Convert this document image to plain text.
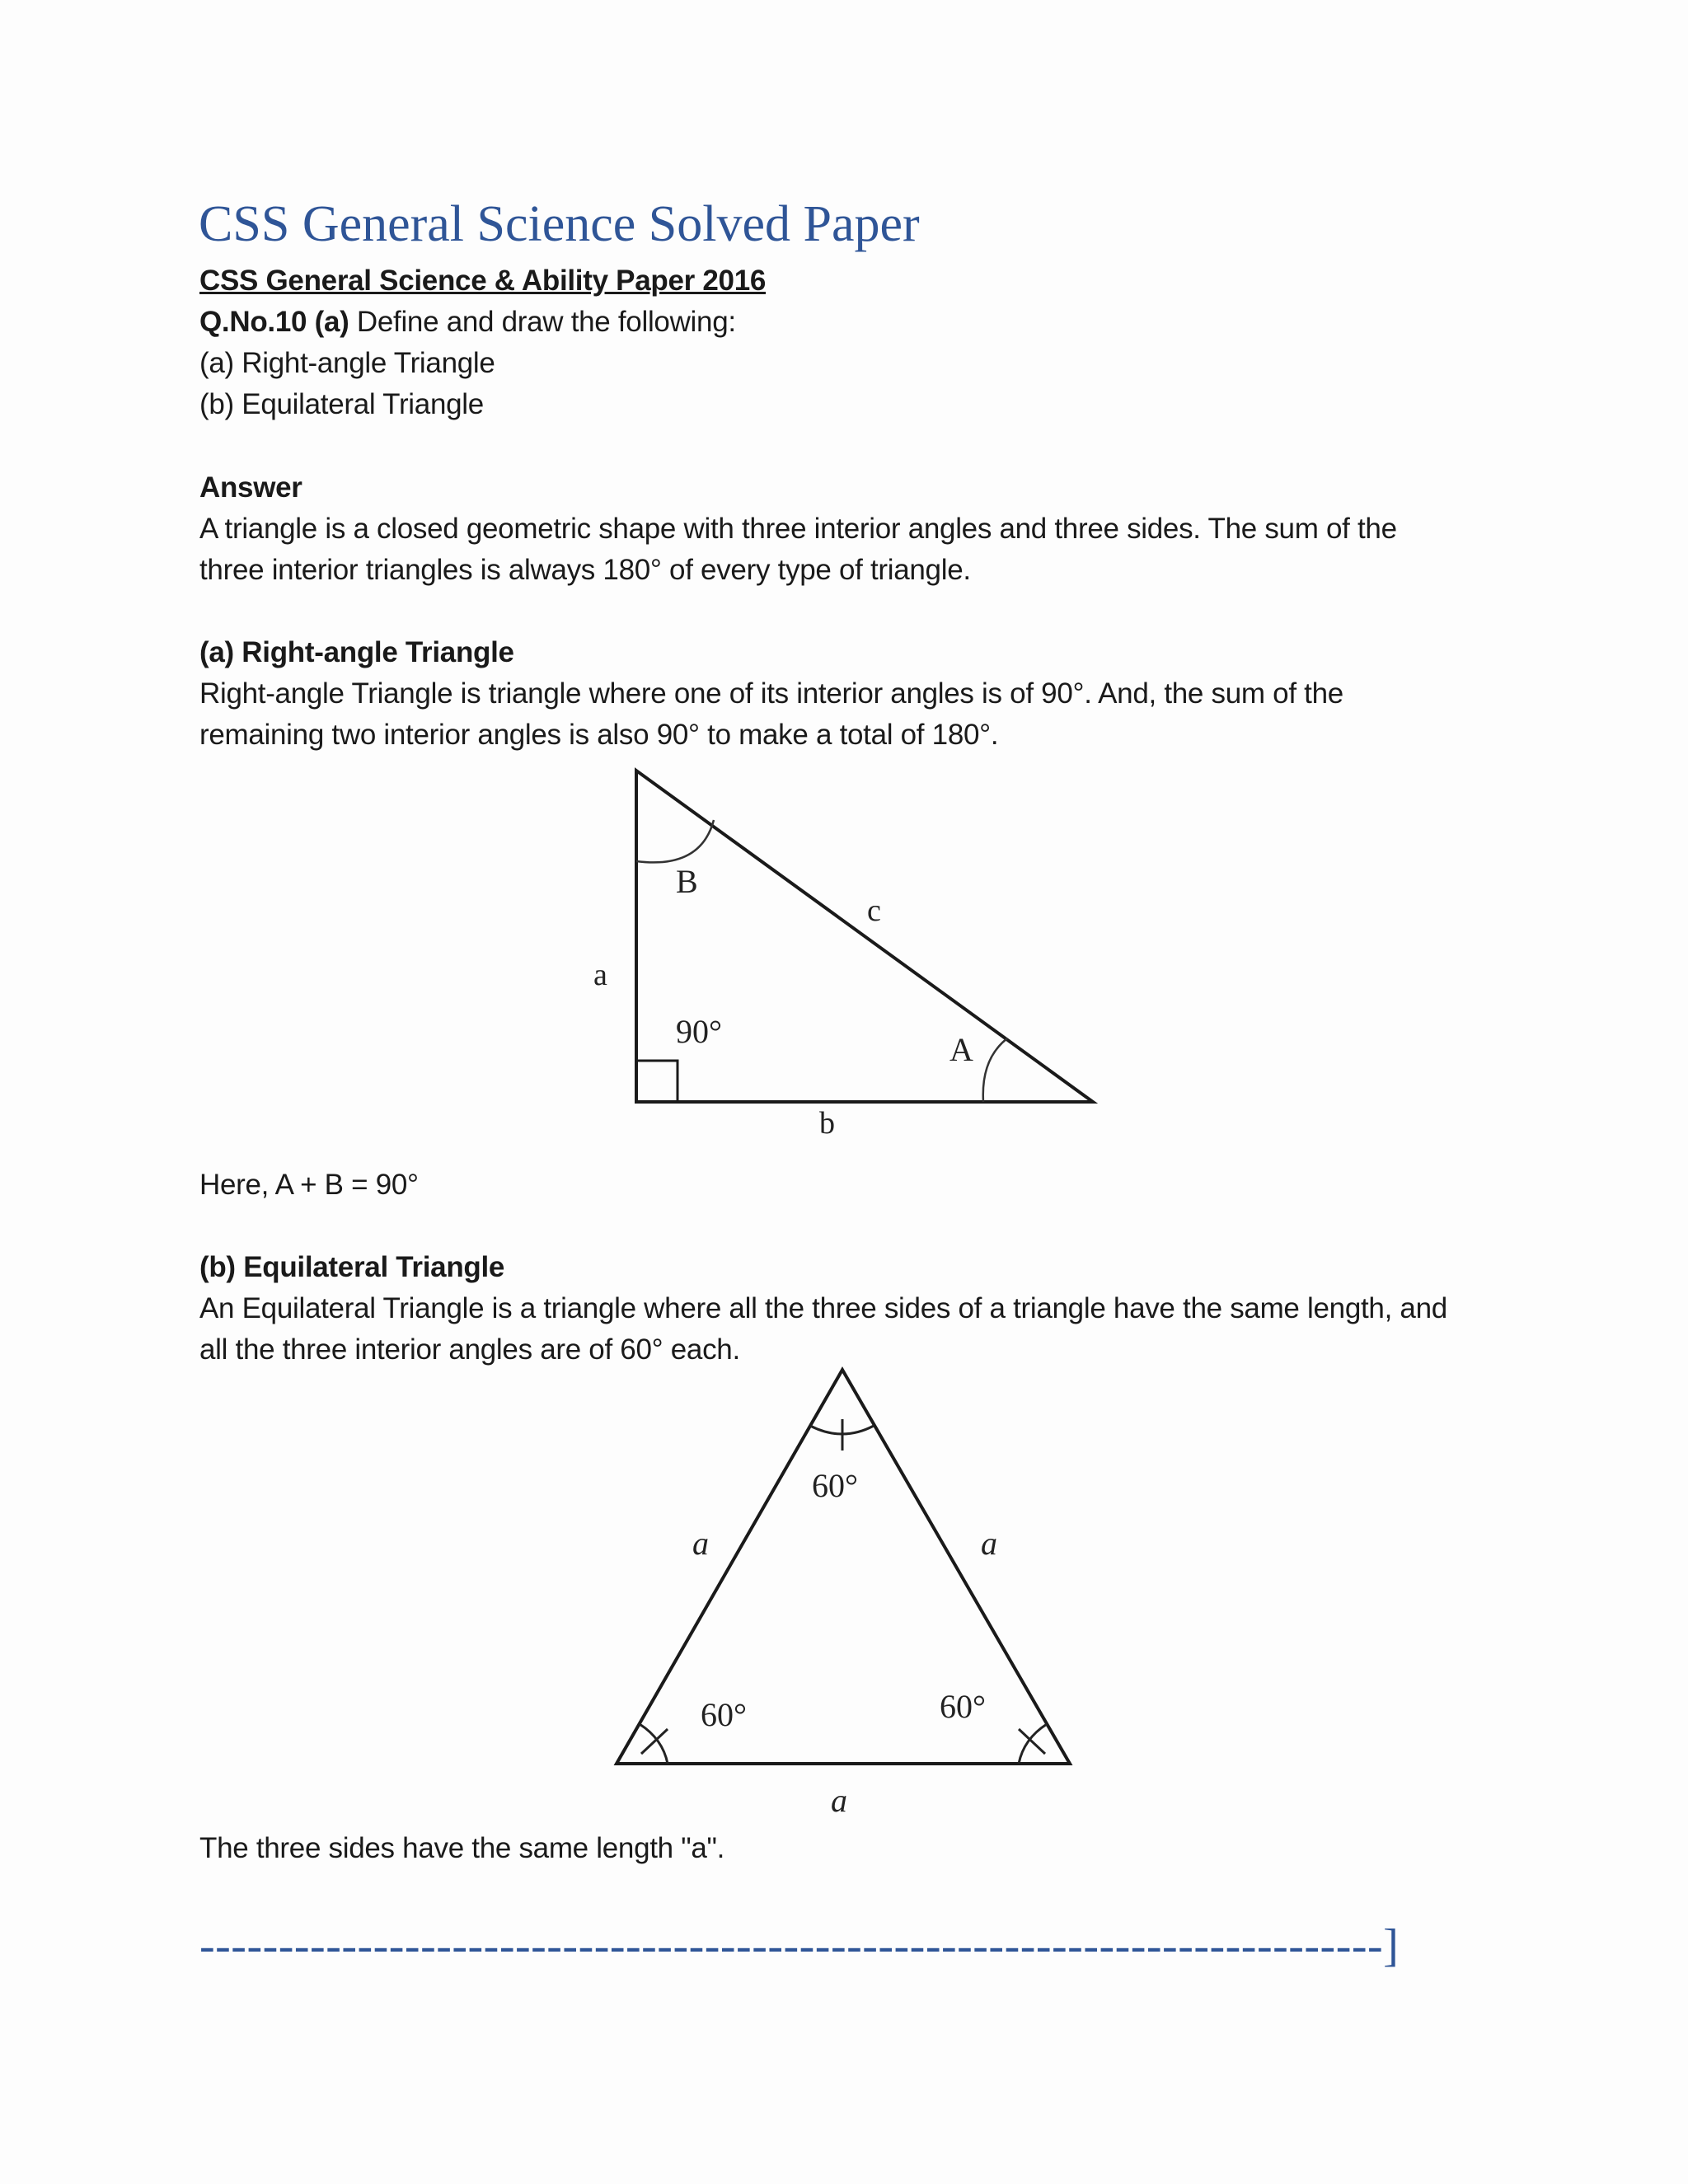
CSS General Science Solved Paper

CSS General Science & Ability Paper 2016

Q.No.10 (a) Define and draw the following:

(a) Right-angle Triangle

(b) Equilateral Triangle

Answer

A triangle is a closed geometric shape with three interior angles and three sides. The sum of the

three interior triangles is always 180° of every type of triangle.

(a) Right-angle Triangle

Right-angle Triangle is triangle where one of its interior angles is of 90°. And, the sum of the

remaining two interior angles is also 90° to make a total of 180°.

a
b
c
B
A
90°

Here, A + B = 90°

(b) Equilateral Triangle

An Equilateral Triangle is a triangle where all the three sides of a triangle have the same length, and

all the three interior angles are of 60° each.

60°
60°	60°
a	a
a

The three sides have the same length "a".

---------------------------------------------------------------------------]
